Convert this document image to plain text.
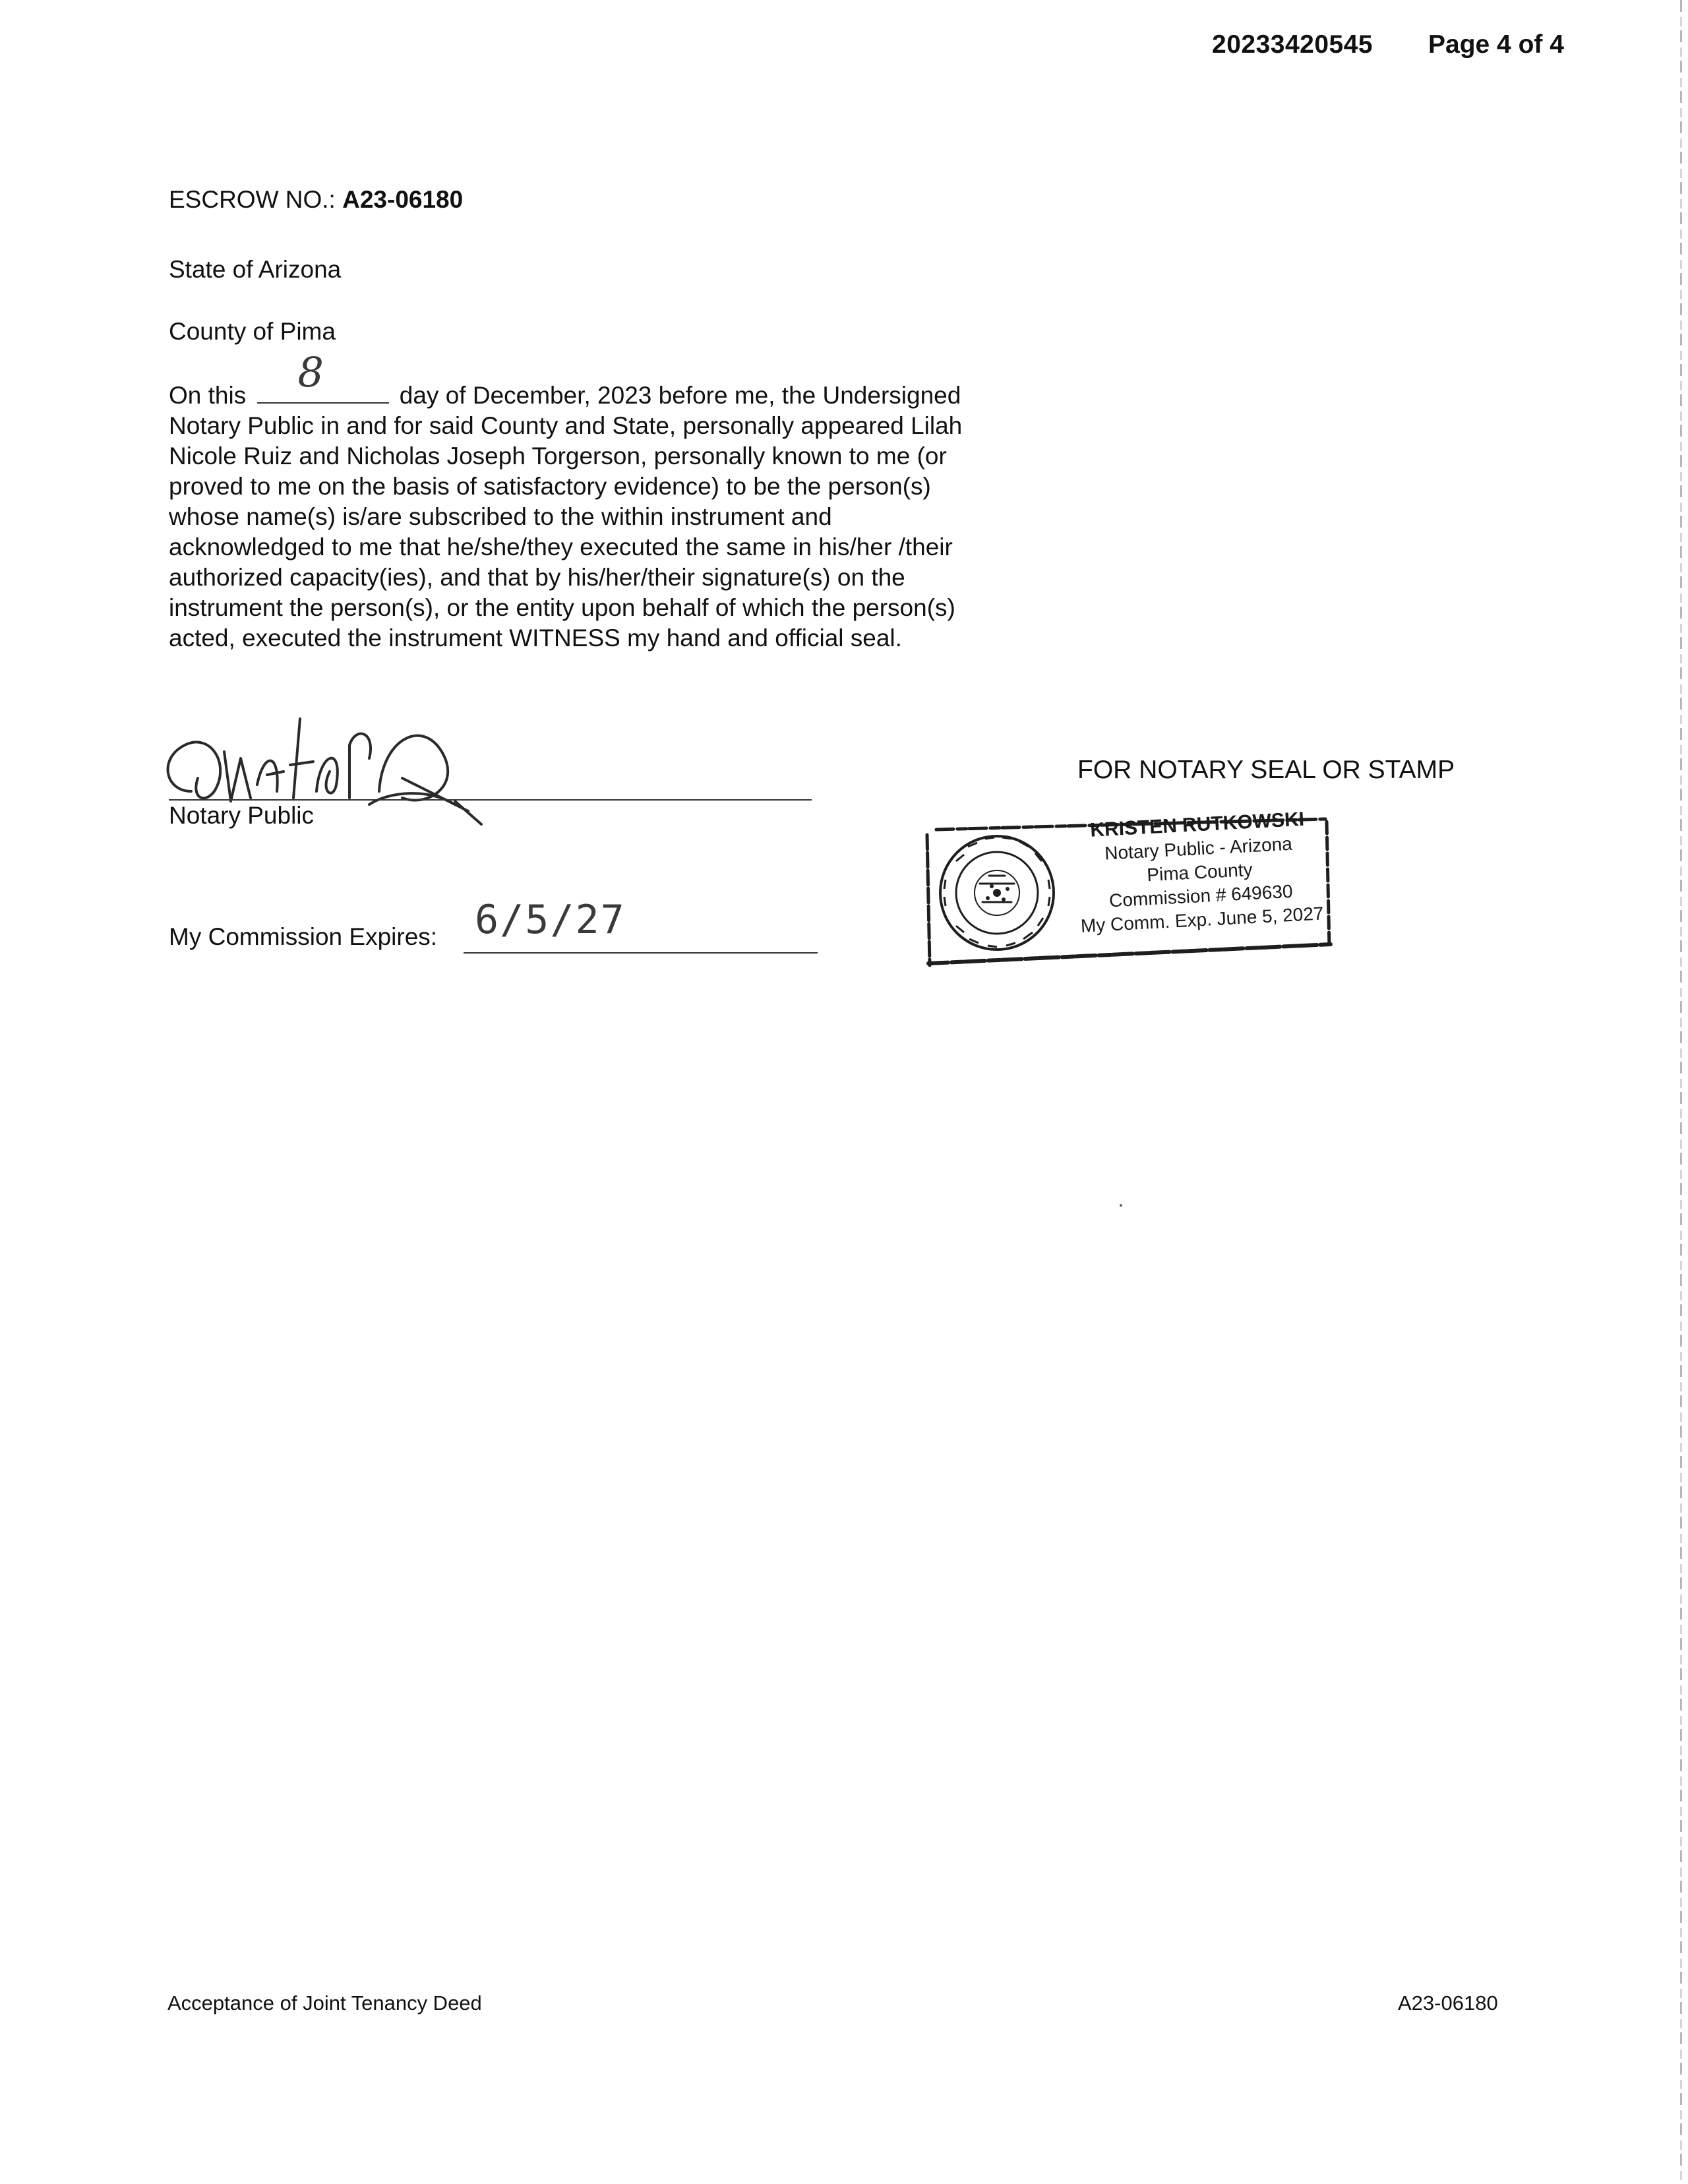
20233420545 Page 4 of 4
ESCROW NO.: A23-06180
State of Arizona
County of Pima
On this 8	day of December, 2023 before me, the Undersigned
Notary Public in and for said County and State, personally appeared Lilah
Nicole Ruiz and Nicholas Joseph Torgerson, personally known to me (or
proved to me on the basis of satisfactory evidence) to be the person(s)
whose name(s) is/are subscribed to the within instrument and
acknowledged to me that he/she/they executed the same in his/her /their
authorized capacity(ies), and that by his/her/their signature(s) on the
instrument the person(s), or the entity upon behalf of which the person(s)
acted, executed the instrument WITNESS my hand and official seal.
Notary Public
FOR NOTARY SEAL OR STAMP
KRISTEN RUTKOWSKI
Notary Public - Arizona
Pima County
Commission # 649630
My Comm. Exp. June 5, 2027
My Commission Expires: 6/5/27
Acceptance of Joint Tenancy Deed	A23-06180
